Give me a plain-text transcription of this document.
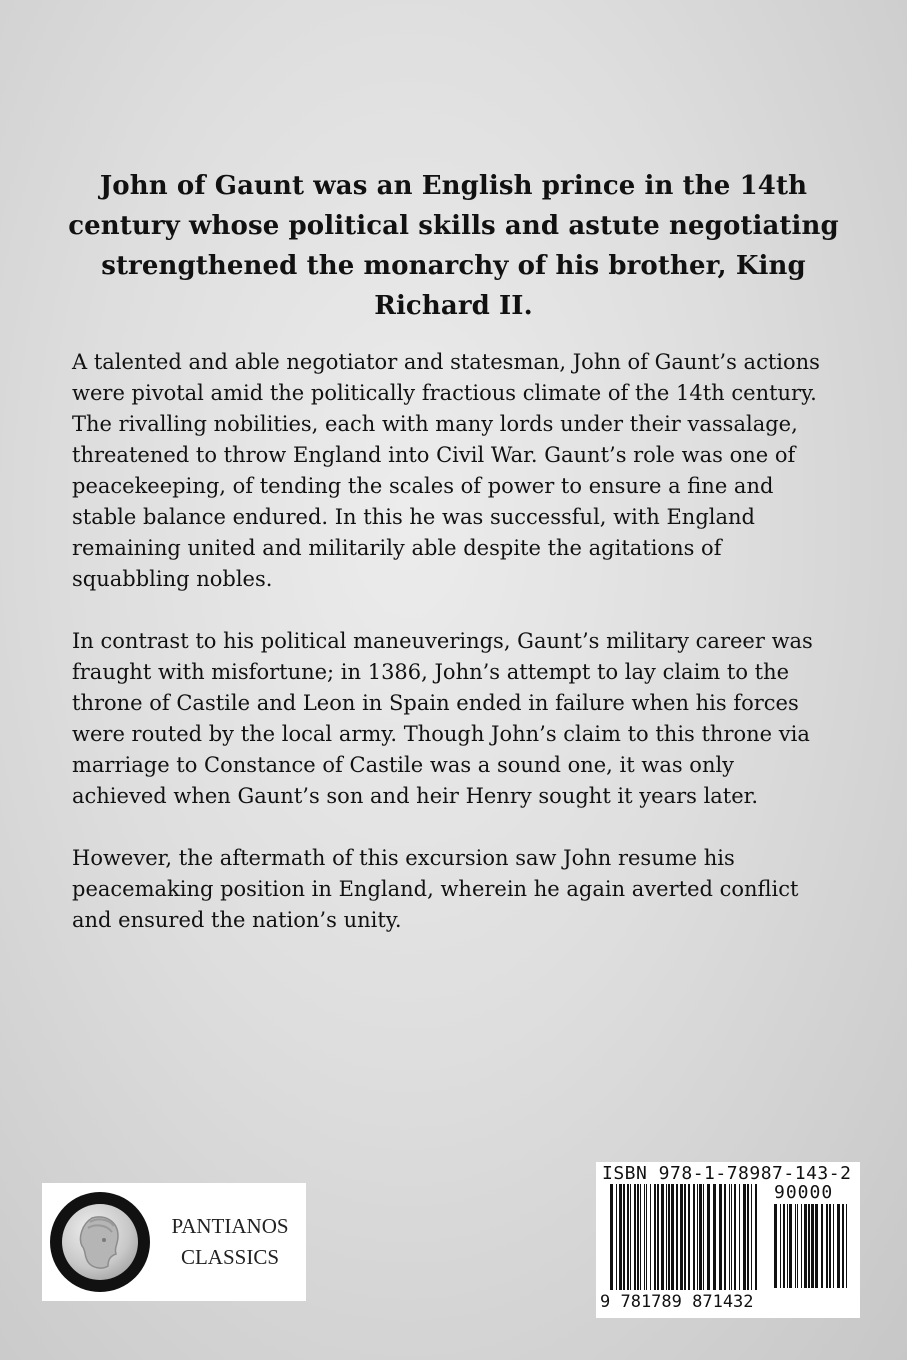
John of Gaunt was an English prince in the 14th century whose political skills and astute negotiating strengthened the monarchy of his brother, King Richard II.

A talented and able negotiator and statesman, John of Gaunt’s actions were pivotal amid the politically fractious climate of the 14th century. The rivalling nobilities, each with many lords under their vassalage, threatened to throw England into Civil War. Gaunt’s role was one of peacekeeping, of tending the scales of power to ensure a fine and stable balance endured. In this he was successful, with England remaining united and militarily able despite the agitations of squabbling nobles.

In contrast to his political maneuverings, Gaunt’s military career was fraught with misfortune; in 1386, John’s attempt to lay claim to the throne of Castile and Leon in Spain ended in failure when his forces were routed by the local army. Though John’s claim to this throne via marriage to Constance of Castile was a sound one, it was only achieved when Gaunt’s son and heir Henry sought it years later.

However, the aftermath of this excursion saw John resume his peacemaking position in England, wherein he again averted conflict and ensured the nation’s unity.

PANTIANOS
CLASSICS
ISBN 978-1-78987-143-2
90000
9 781789 871432
